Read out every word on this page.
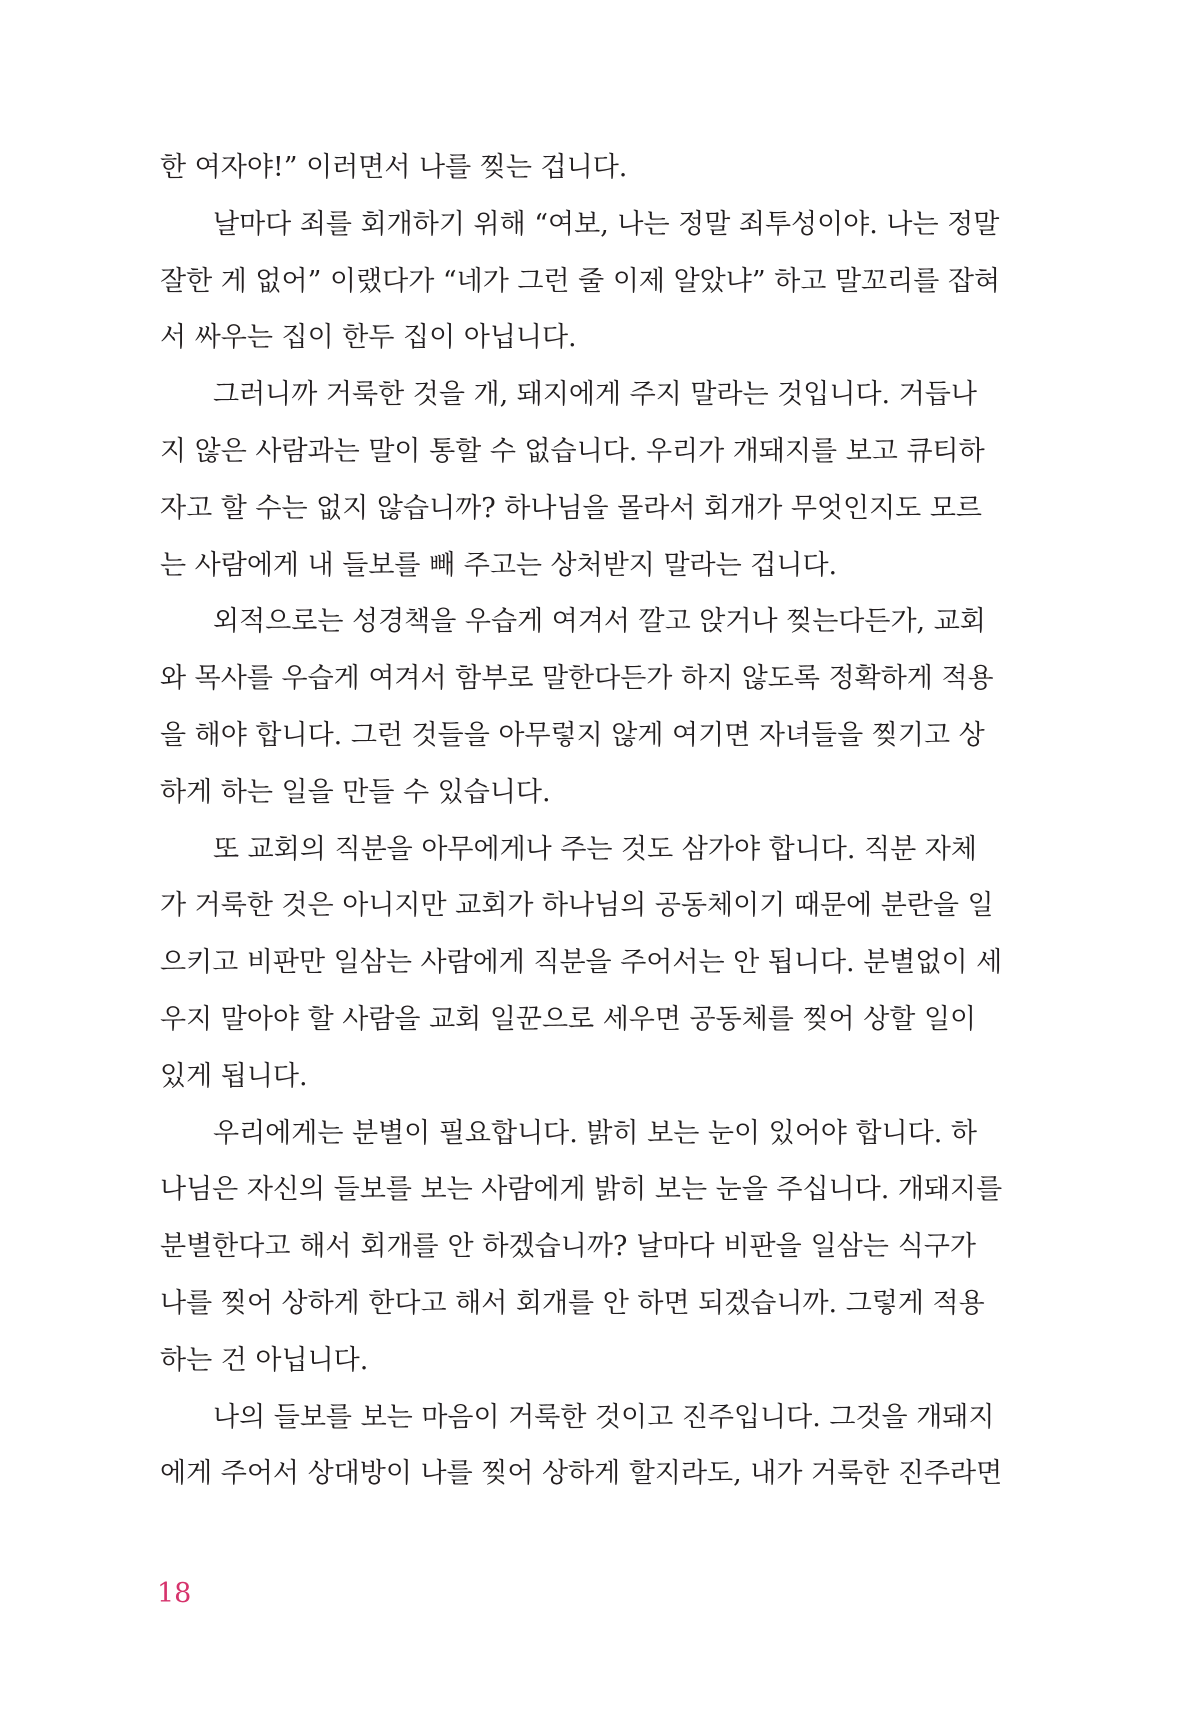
한 여자야!” 이러면서 나를 찢는 겁니다.
날마다 죄를 회개하기 위해 “여보, 나는 정말 죄투성이야. 나는 정말
잘한 게 없어” 이랬다가 “네가 그런 줄 이제 알았냐” 하고 말꼬리를 잡혀
서 싸우는 집이 한두 집이 아닙니다.
그러니까 거룩한 것을 개, 돼지에게 주지 말라는 것입니다. 거듭나
지 않은 사람과는 말이 통할 수 없습니다. 우리가 개돼지를 보고 큐티하
자고 할 수는 없지 않습니까? 하나님을 몰라서 회개가 무엇인지도 모르
는 사람에게 내 들보를 빼 주고는 상처받지 말라는 겁니다.
외적으로는 성경책을 우습게 여겨서 깔고 앉거나 찢는다든가, 교회
와 목사를 우습게 여겨서 함부로 말한다든가 하지 않도록 정확하게 적용
을 해야 합니다. 그런 것들을 아무렇지 않게 여기면 자녀들을 찢기고 상
하게 하는 일을 만들 수 있습니다.
또 교회의 직분을 아무에게나 주는 것도 삼가야 합니다. 직분 자체
가 거룩한 것은 아니지만 교회가 하나님의 공동체이기 때문에 분란을 일
으키고 비판만 일삼는 사람에게 직분을 주어서는 안 됩니다. 분별없이 세
우지 말아야 할 사람을 교회 일꾼으로 세우면 공동체를 찢어 상할 일이
있게 됩니다.
우리에게는 분별이 필요합니다. 밝히 보는 눈이 있어야 합니다. 하
나님은 자신의 들보를 보는 사람에게 밝히 보는 눈을 주십니다. 개돼지를
분별한다고 해서 회개를 안 하겠습니까? 날마다 비판을 일삼는 식구가
나를 찢어 상하게 한다고 해서 회개를 안 하면 되겠습니까. 그렇게 적용
하는 건 아닙니다.
나의 들보를 보는 마음이 거룩한 것이고 진주입니다. 그것을 개돼지
에게 주어서 상대방이 나를 찢어 상하게 할지라도, 내가 거룩한 진주라면
18
